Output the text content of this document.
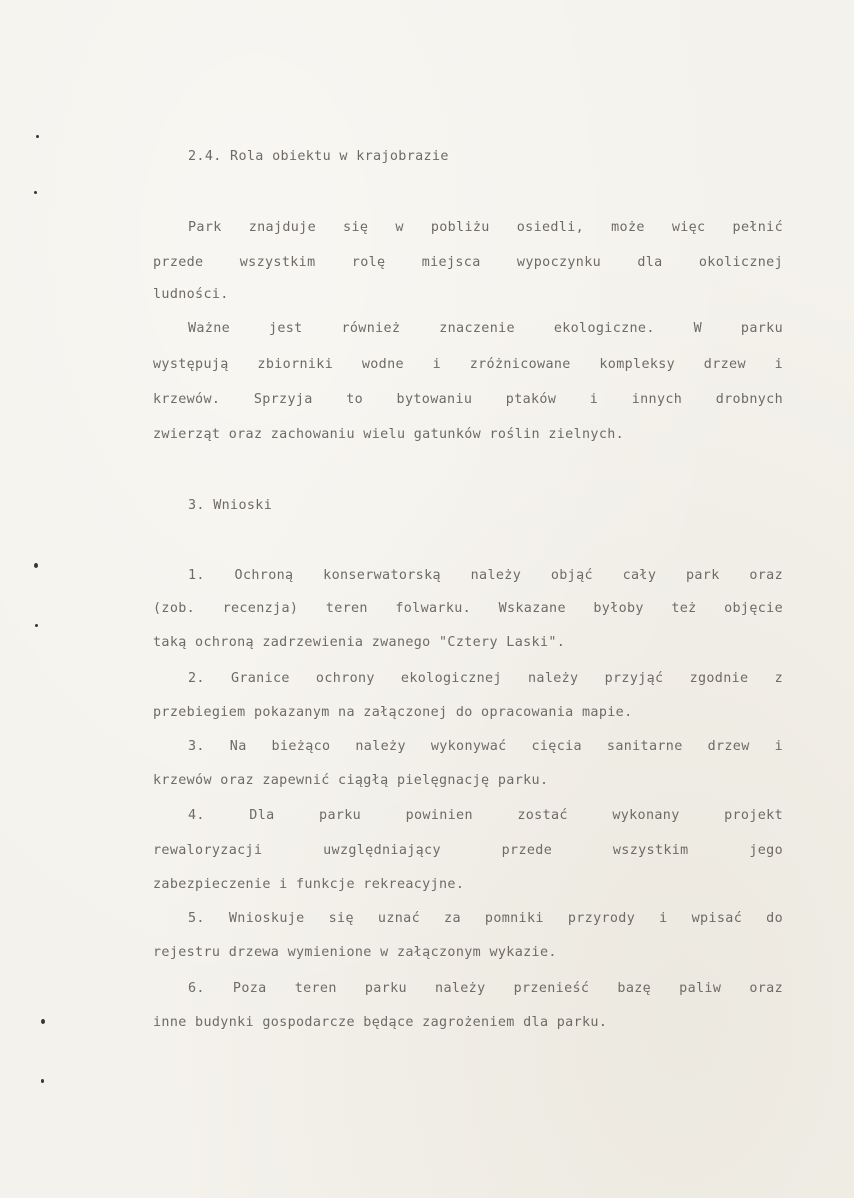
2.4. Rola obiektu w krajobrazie

Park znajduje się w pobliżu osiedli, może więc pełnić

przede wszystkim rolę miejsca wypoczynku dla okolicznej

ludności.

Ważne jest również znaczenie ekologiczne. W parku

występują zbiorniki wodne i zróżnicowane kompleksy drzew i

krzewów. Sprzyja to bytowaniu ptaków i innych drobnych

zwierząt oraz zachowaniu wielu gatunków roślin zielnych.

3. Wnioski

1. Ochroną konserwatorską należy objąć cały park oraz

(zob. recenzja) teren folwarku. Wskazane byłoby też objęcie

taką ochroną zadrzewienia zwanego "Cztery Laski".

2. Granice ochrony ekologicznej należy przyjąć zgodnie z

przebiegiem pokazanym na załączonej do opracowania mapie.

3. Na bieżąco należy wykonywać cięcia sanitarne drzew i

krzewów oraz zapewnić ciągłą pielęgnację parku.

4. Dla parku powinien zostać wykonany projekt

rewaloryzacji uwzględniający przede wszystkim jego

zabezpieczenie i funkcje rekreacyjne.

5. Wnioskuje się uznać za pomniki przyrody i wpisać do

rejestru drzewa wymienione w załączonym wykazie.

6. Poza teren parku należy przenieść bazę paliw oraz

inne budynki gospodarcze będące zagrożeniem dla parku.
